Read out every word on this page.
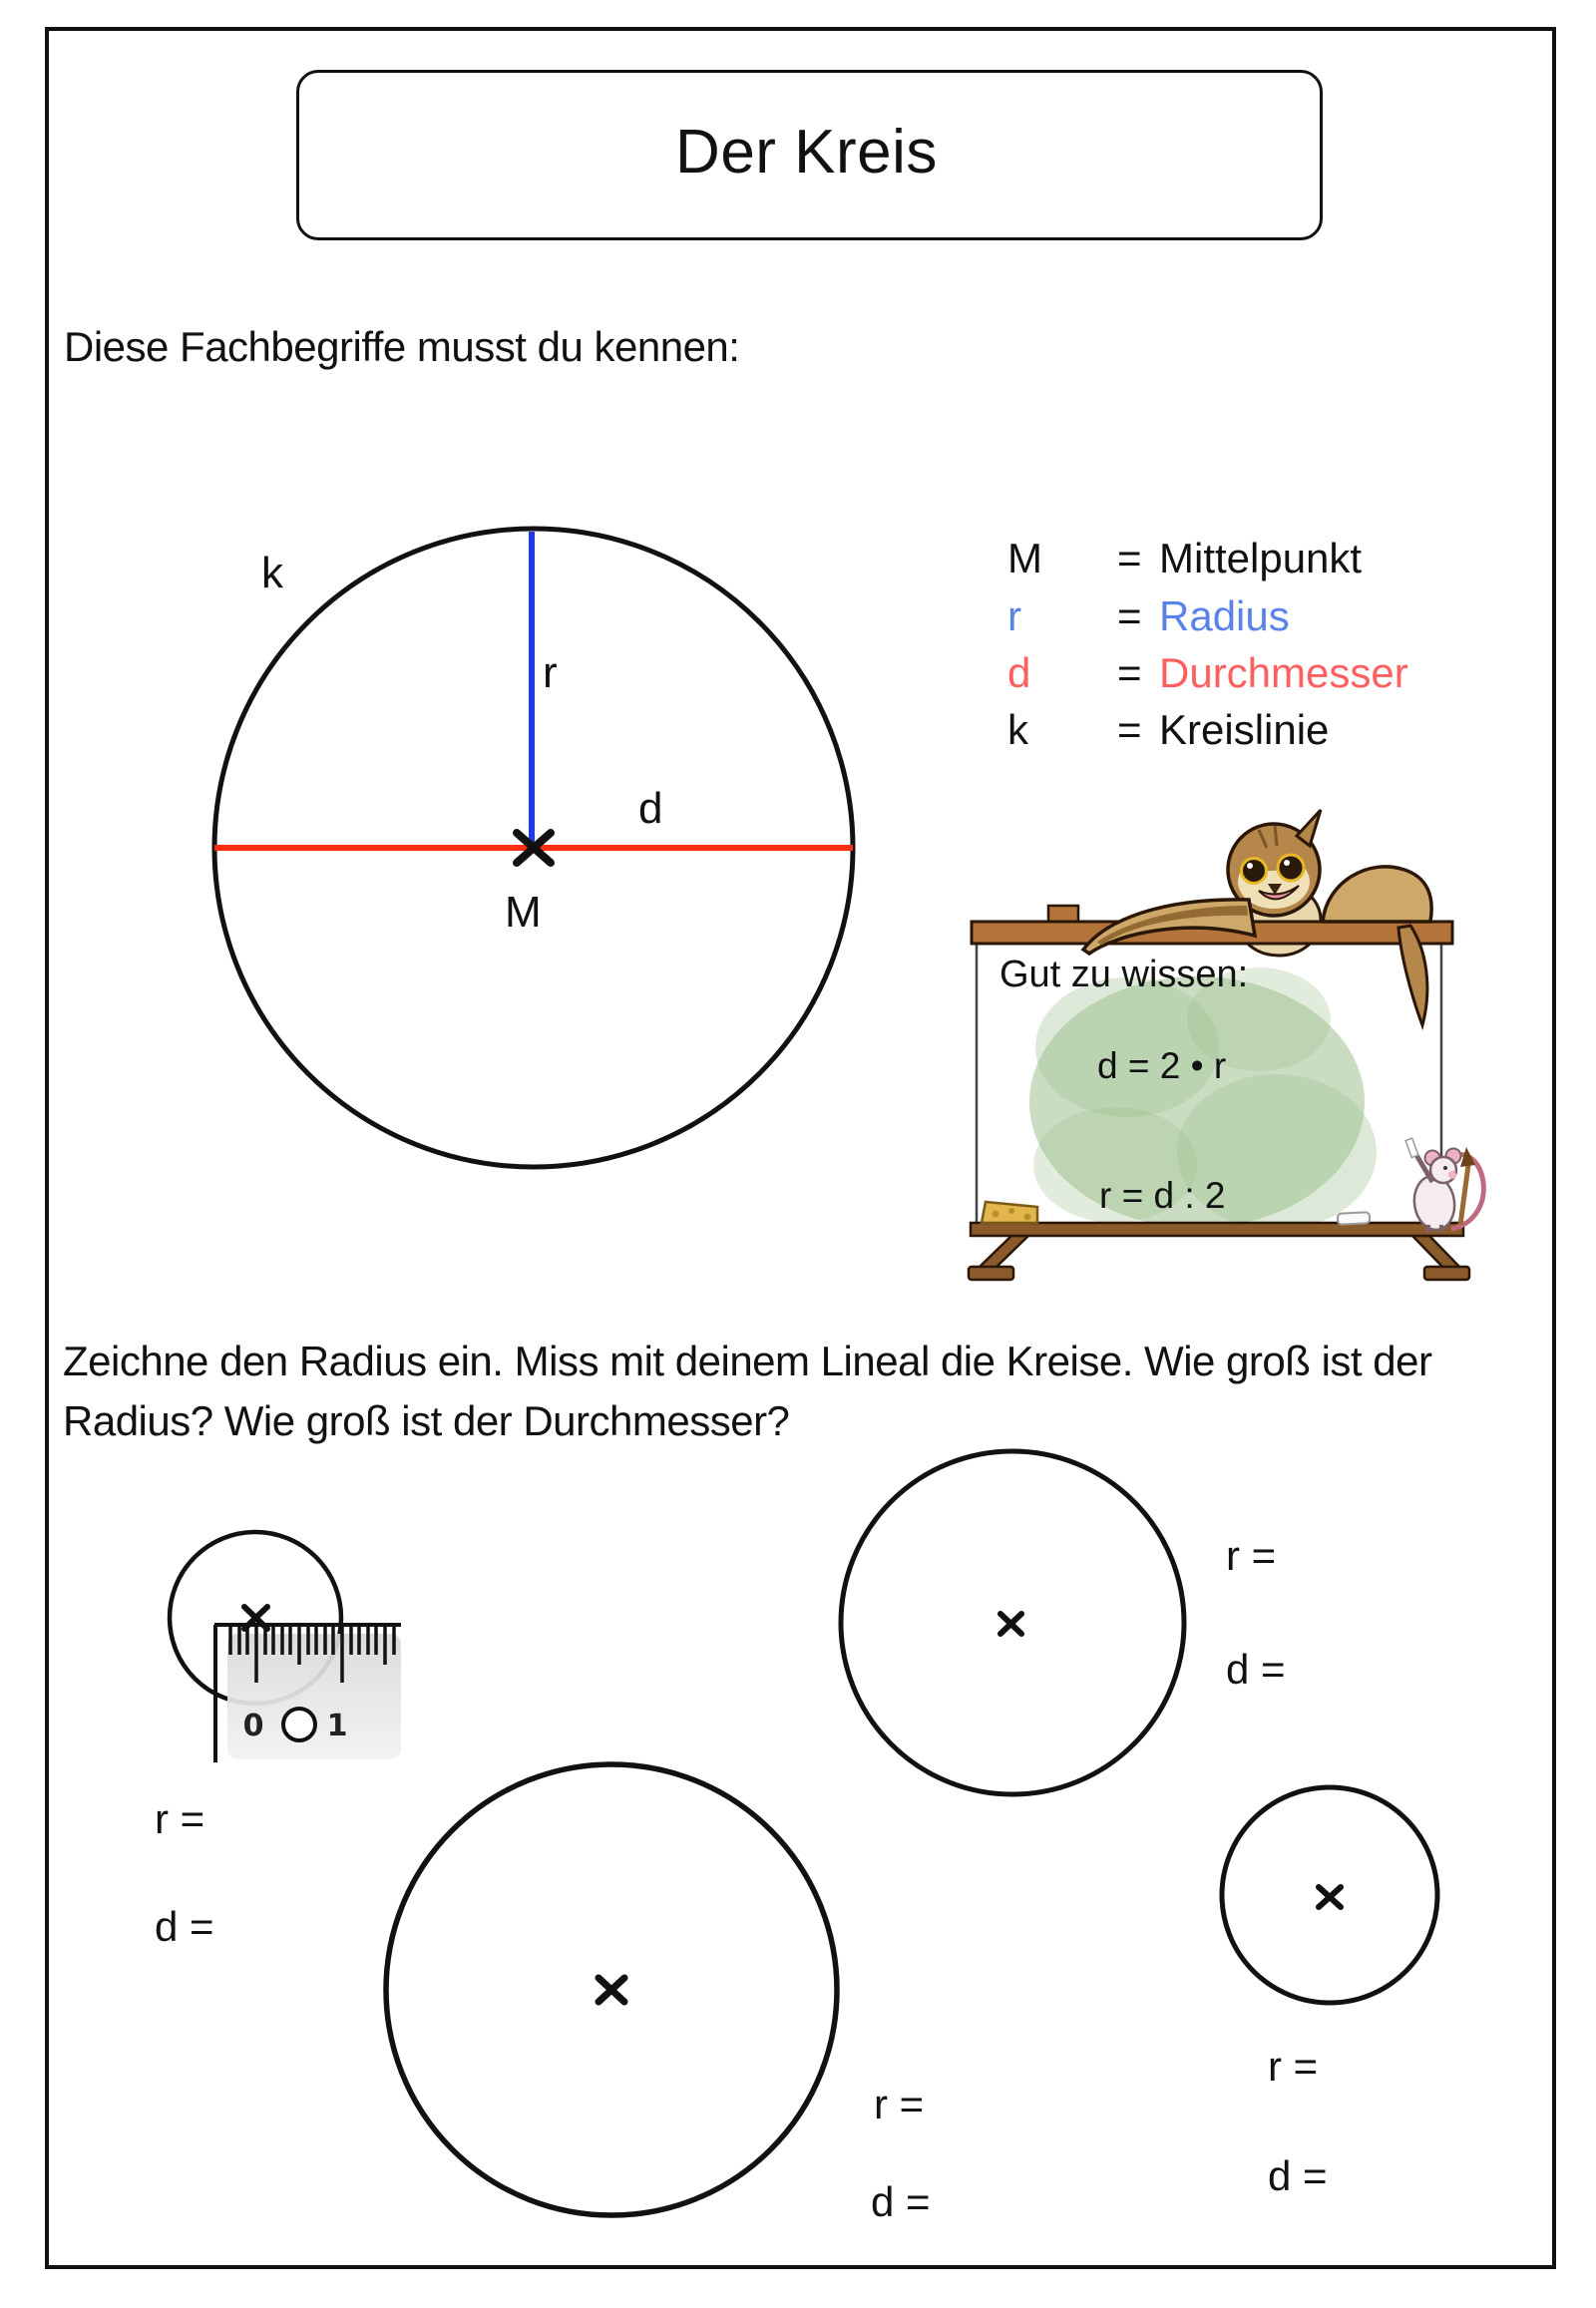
0 1
Der Kreis
Diese Fachbegriffe musst du kennen:
k
r
d
M
M = Mittelpunkt
r = Radius
d = Durchmesser
k = Kreislinie
Gut zu wissen:
d = 2 • r
r = d : 2
Zeichne den Radius ein. Miss mit deinem Lineal die Kreise. Wie groß ist der
Radius? Wie groß ist der Durchmesser?
r =
d =
r =
d =
r =
d =
r =
d =
